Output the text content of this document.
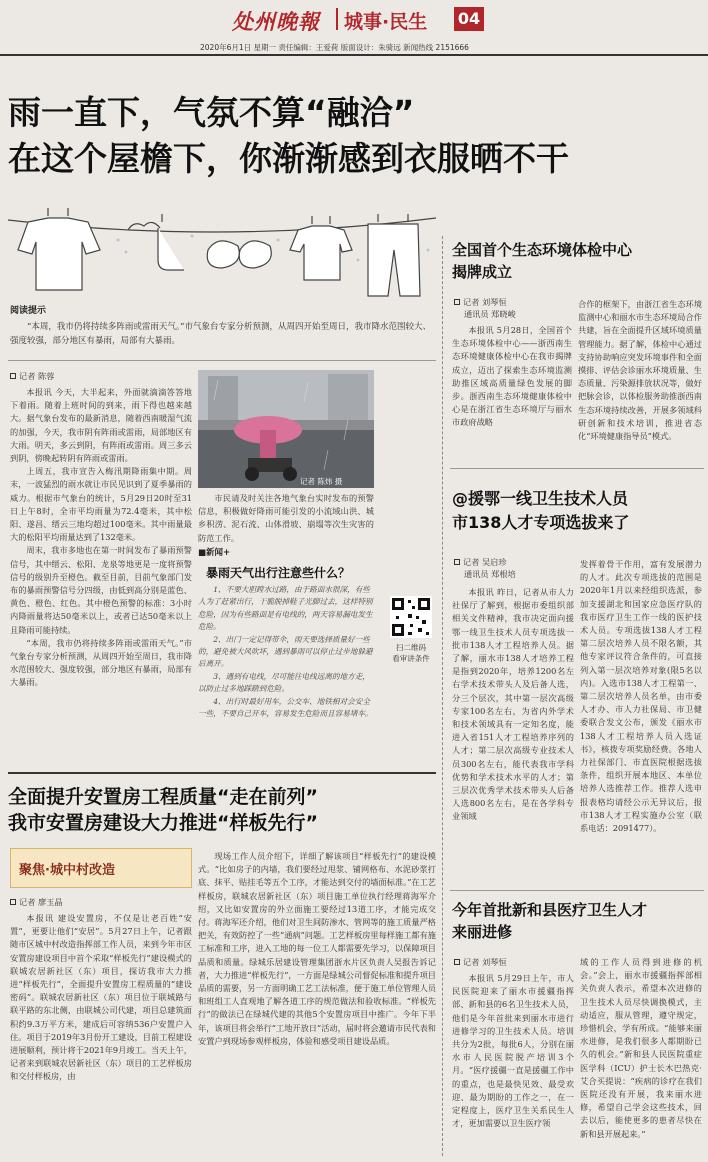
处州晚報 城事·民生 04
2020年6月1日 星期一 责任编辑：王爱荷 版面设计：朱骑远 新闻热线 2151666
雨一直下，气氛不算“融洽”
在这个屋檐下，你渐渐感到衣服晒不干
阅读提示
“本周，我市仍将持续多阵雨或雷雨天气。”市气象台专家分析预测，从周四开始至周日，我市降水范围较大、强度较强，部分地区有暴雨，局部有大暴雨。
记者 陈蓉

本报讯 今天，大半起来，外面就滴滴答答地下着雨。随着上班时间的到来，雨下得也越来越大。据气象台发布的最新消息，随着西南暖湿气流的加强，今天，我市阴有阵雨或雷雨，局部地区有大雨。明天，多云到阴，有阵雨或雷雨。周三多云到阴，傍晚起转阴有阵雨或雷雨。

上周五，我市宣告入梅汛期降雨集中期。周末，一波猛烈的雨水就让市民见识到了夏季暴雨的威力。根据市气象台的统计，5月29日20时至31日上午8时，全市平均雨量为72.4毫米，其中松阳、遂昌、缙云三地均超过100毫米。其中雨量最大的松阳平均雨量达到了132毫米。

周末，我市多地也在第一时间发布了暴雨预警信号，其中缙云、松阳、龙泉等地更是一度将预警信号的级别升至橙色。截至目前，目前气象部门发布的暴雨预警信号分四级，由低到高分别是蓝色、黄色、橙色、红色。其中橙色预警的标准：3小时内降雨量将达50毫米以上，或者已达50毫米以上且降雨可能持续。

“本周，我市仍将持续多阵雨或雷雨天气。”市气象台专家分析预测，从周四开始至周日，我市降水范围较大、强度较强，部分地区有暴雨，局部有大暴雨。

记者 陈炜 摄
市民请及时关注各地气象台实时发布的预警信息，积极做好降雨可能引发的小流域山洪、城乡积涝、泥石流、山体滑坡、崩塌等次生灾害的防范工作。
■新闻+
暴雨天气出行注意些什么？

1、不要大胆蹚水过路，由于路面水很深，有些人为了赶紧出行，干脆脱掉鞋子光脚过去，这样特别危险，因为有些路面是有电线的，两天容易漏电发生危险。

2、出门一定记得带伞，雨天要选择质量好一些的，避免被大风吹坏，遇到暴雨可以停止过步地躲避后离开。

3、遇到有电线，尽可能往电线远离的地方走，以防止过多地踩踏到危险。

4、出行时最好用车，公交车、地铁相对会安全一些，不要自己开车，容易发生危险而且容易堵车。

扫二维码
看审讲条件
全面提升安置房工程质量“走在前列”
我市安置房建设大力推进“样板先行”
聚焦·城中村改造
记者 廖玉晶

本报讯 建设安置房，不仅是让老百姓“安置”，更要让他们“安居”。5月27日上午，记者跟随市区城中村改造指挥部工作人员，来到今年市区安置房建设项目中首个采取“样板先行”建设模式的联城农居新社区（东）项目，探访我市大力推进“样板先行”，全面提升安置房工程质量的“建设密码”。联城农居新社区（东）项目位于联城路与联平路的东北侧，由联城公司代建，项目总建筑面积约9.3万平方米，建成后可容纳536户安置户入住。项目于2019年3月份开工建设，目前工程建设进展顺利，预计将于2021年9月竣工。当天上午，记者来到联城农居新社区（东）项目的工艺样板房和交付样板房，由

现场工作人员介绍下，详细了解该项目“样板先行”的建设模式。“比如房子的内墙，我们要经过甩浆、铺网格布、水泥砂浆打底、抹平、贴挂毛等五个工序，才能达到交付的墙面标准。”在工艺样板房，联城农居新社区（东）项目施工单位执行经理蒋海军介绍，又比如安置房的外立面施工要经过13道工序，才能完成交付。蒋海军还介绍，他们对卫生间防渗水、管网等的施工质量严格把关，有效防控了一些“通病”问题。工艺样板房里每样施工都有施工标准和工序，进入工地的每一位工人都需要先学习，以保障项目品质和质量。绿城乐居建设管理集团浙水片区负责人吴报告诉记者，大力推进“样板先行”，一方面是绿城公司督促标准和提升项目品质的需要，另一方面明确工艺工法标准，便于施工单位管理人员和班组工人直观地了解各道工序的规范做法和验收标准。“样板先行”的做法已在绿城代建的其他5个安置房项目中推广。今年下半年，该项目将会举行“工地开放日”活动，届时将会邀请市民代表和安置户到现场参观样板房，体验和感受项目建设品质。

全国首个生态环境体检中心
揭牌成立
记者 刘琴恒
通讯员 郑晓峻

本报讯 5月28日，全国首个生态环境体检中心——浙西南生态环境健康体检中心在我市揭牌成立，迈出了探索生态环境监测助推区域高质量绿色发展的脚步。浙西南生态环境健康体检中心是在浙江省生态环境厅与丽水市政府战略

合作的框架下，由浙江省生态环境监测中心和丽水市生态环境局合作共建，旨在全面提升区域环境质量管理能力。据了解，体检中心通过支持协助响应突发环境事件和全面摸排、评估会诊丽水环境质量、生态质量、污染源排放状况等，做好把脉会诊，以体检服务助推浙西南生态环境持续改善，开展多领域科研创新和技术培训，推进省态化“环境健康指导员”模式。

@援鄂一线卫生技术人员
市138人才专项选拔来了
记者 吴启珍
通讯员 郑根培

本报讯 昨日，记者从市人力社保厅了解到，根据市委组织部相关文件精神，我市决定面向援鄂一线卫生技术人员专项选拔一批市138人才工程培养人员。据了解，丽水市138人才培养工程是指到2020年，培养1200名左右学术技术带头人及后备人选，分三个层次，其中第一层次高级专家100名左右，为省内外学术和技术领域具有一定知名度，能进入省151人才工程培养序列的人才；第二层次高级专业技术人员300名左右，能代表我市学科优势和学术技术水平的人才；第三层次优秀学术技术带头人后备人选800名左右，是在各学科专业领域

发挥着骨干作用，富有发展潜力的人才。此次专项选拔的范围是2020年1月以来经组织选派，参加支援湖北和国家应急医疗队的我市医疗卫生工作一线的医护技术人员。专项选拔138人才工程第二层次培养人员不限名额，其他专家评议符合条件的，可直接列入第一层次培养对象(限5名以内)。入选市138人才工程第一、第二层次培养人员名单，由市委人才办、市人力社保局、市卫健委联合发文公布，颁发《丽水市138人才工程培养人员入选证书》，核拨专项奖励经费。各地人力社保部门、市直医院根据选拔条件，组织开展本地区、本单位培养人选推荐工作。推荐人选申报表格均请经公示无异议后，报市138人才工程实施办公室（联系电话：2091477）。

今年首批新和县医疗卫生人才
来丽进修
记者 刘琴恒

本报讯 5月29日上午，市人民医院迎来了丽水市援疆指挥部、新和县的6名卫生技术人员，他们是今年首批来到丽水市进行进修学习的卫生技术人员。培训共分为2批，每批6人，分别在丽水市人民医院脱产培训3个月。“医疗援疆一直是援疆工作中的重点，也是最快见效、最受欢迎、最为期盼的工作之一，在一定程度上，医疗卫生关系民生人才，更加需要以卫生医疗领

域的工作人员得到进修的机会。”会上，丽水市援疆指挥部相关负责人表示，希望本次进修的卫生技术人员尽快调换模式，主动适应，服从管理，遵守规定，珍惜机会，学有所成。“能够来丽水进修，是我们很多人都期盼已久的机会。”新和县人民医院重症医学科（ICU）护士长木巴热克·艾合买提说：“疾病的诊疗在我们医院还没有开展，我来丽水进修，希望自己学会这些技术，回去以后，能使更多的患者尽快在新和县开展起来。”
